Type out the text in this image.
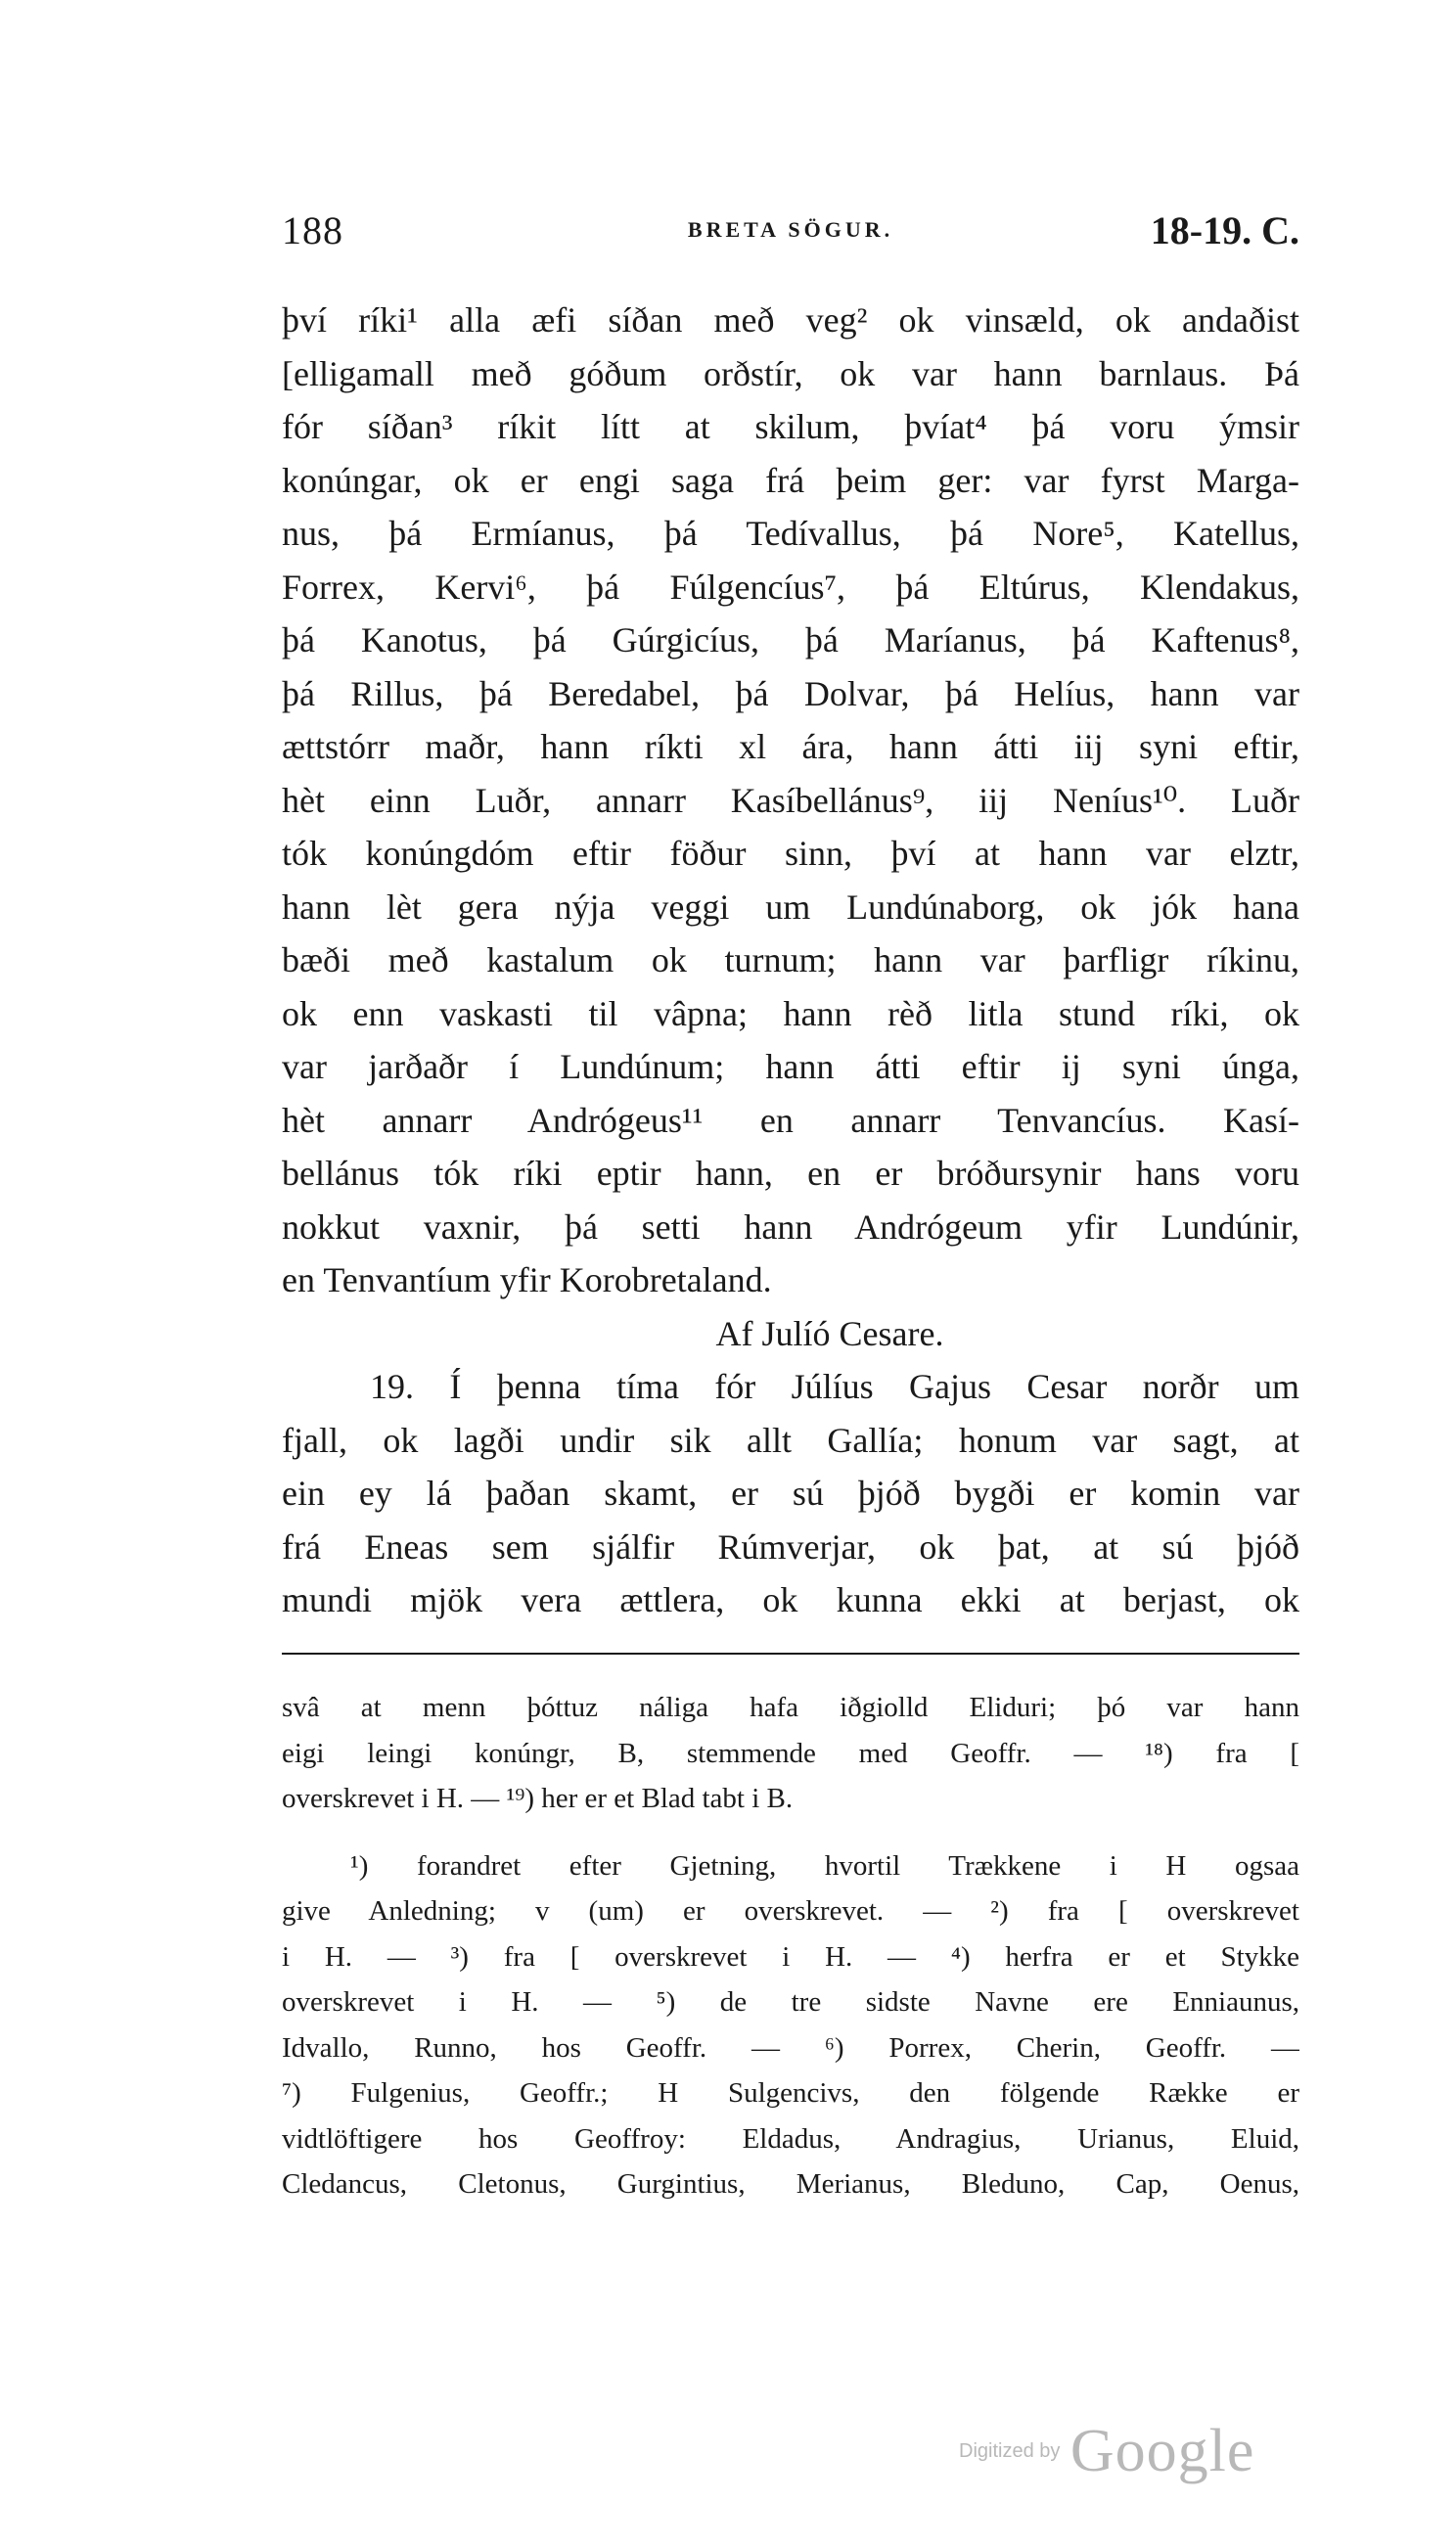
188	BRETA SÖGUR.	18-19. C.
því ríki¹ alla æfi síðan með veg² ok vinsæld, ok andaðist
[elligamall með góðum orðstír, ok var hann barnlaus. Þá
fór síðan³ ríkit lítt at skilum, þvíat⁴ þá voru ýmsir
konúngar, ok er engi saga frá þeim ger: var fyrst Marga-
nus, þá Ermíanus, þá Tedívallus, þá Nore⁵, Katellus,
Forrex, Kervi⁶, þá Fúlgencíus⁷, þá Eltúrus, Klendakus,
þá Kanotus, þá Gúrgicíus, þá Maríanus, þá Kaftenus⁸,
þá Rillus, þá Beredabel, þá Dolvar, þá Helíus, hann var
ættstórr maðr, hann ríkti xl ára, hann átti iij syni eftir,
hèt einn Luðr, annarr Kasíbellánus⁹, iij Neníus¹⁰. Luðr
tók konúngdóm eftir föður sinn, því at hann var elztr,
hann lèt gera nýja veggi um Lundúnaborg, ok jók hana
bæði með kastalum ok turnum; hann var þarfligr ríkinu,
ok enn vaskasti til vâpna; hann rèð litla stund ríki, ok
var jarðaðr í Lundúnum; hann átti eftir ij syni únga,
hèt annarr Andrógeus¹¹ en annarr Tenvancíus. Kasí-
bellánus tók ríki eptir hann, en er bróðursynir hans voru
nokkut vaxnir, þá setti hann Andrógeum yfir Lundúnir,
en Tenvantíum yfir Korobretaland.
Af Julíó Cesare.
19. Í þenna tíma fór Júlíus Gajus Cesar norðr um
fjall, ok lagði undir sik allt Gallía; honum var sagt, at
ein ey lá þaðan skamt, er sú þjóð bygði er komin var
frá Eneas sem sjálfir Rúmverjar, ok þat, at sú þjóð
mundi mjök vera ættlera, ok kunna ekki at berjast, ok
svâ at menn þóttuz náliga hafa iðgiolld Eliduri; þó var hann
eigi leingi konúngr, B, stemmende med Geoffr. — ¹⁸) fra [
overskrevet i H. — ¹⁹) her er et Blad tabt i B.
¹) forandret efter Gjetning, hvortil Trækkene i H ogsaa
give Anledning; v (um) er overskrevet. — ²) fra [ overskrevet
i H. — ³) fra [ overskrevet i H. — ⁴) herfra er et Stykke
overskrevet i H. — ⁵) de tre sidste Navne ere Enniaunus,
Idvallo, Runno, hos Geoffr. — ⁶) Porrex, Cherin, Geoffr. —
⁷) Fulgenius, Geoffr.; H Sulgencivs, den fölgende Række er
vidtlöftigere hos Geoffroy: Eldadus, Andragius, Urianus, Eluid,
Cledancus, Cletonus, Gurgintius, Merianus, Bleduno, Cap, Oenus,
Digitized by Google
